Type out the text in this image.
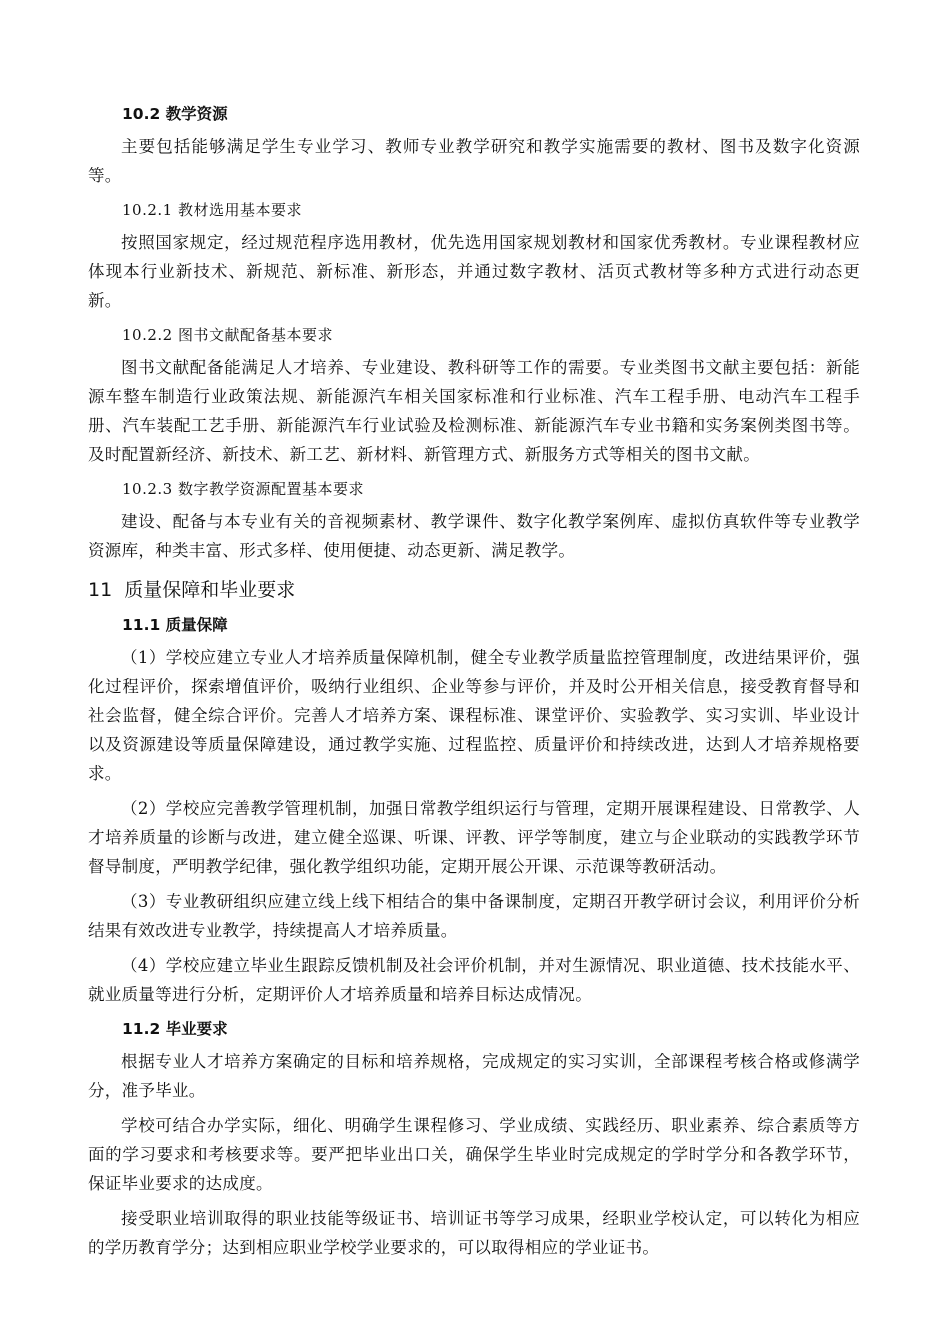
10.2 教学资源

主要包括能够满足学生专业学习、教师专业教学研究和教学实施需要的教材、图书及数字化资源等。

10.2.1 教材选用基本要求

按照国家规定，经过规范程序选用教材，优先选用国家规划教材和国家优秀教材。专业课程教材应体现本行业新技术、新规范、新标准、新形态，并通过数字教材、活页式教材等多种方式进行动态更新。

10.2.2 图书文献配备基本要求

图书文献配备能满足人才培养、专业建设、教科研等工作的需要。专业类图书文献主要包括：新能源车整车制造行业政策法规、新能源汽车相关国家标准和行业标准、汽车工程手册、电动汽车工程手册、汽车装配工艺手册、新能源汽车行业试验及检测标准、新能源汽车专业书籍和实务案例类图书等。及时配置新经济、新技术、新工艺、新材料、新管理方式、新服务方式等相关的图书文献。

10.2.3 数字教学资源配置基本要求

建设、配备与本专业有关的音视频素材、教学课件、数字化教学案例库、虚拟仿真软件等专业教学资源库，种类丰富、形式多样、使用便捷、动态更新、满足教学。

11 质量保障和毕业要求
11.1 质量保障

（1）学校应建立专业人才培养质量保障机制，健全专业教学质量监控管理制度，改进结果评价，强化过程评价，探索增值评价，吸纳行业组织、企业等参与评价，并及时公开相关信息，接受教育督导和社会监督，健全综合评价。完善人才培养方案、课程标准、课堂评价、实验教学、实习实训、毕业设计以及资源建设等质量保障建设，通过教学实施、过程监控、质量评价和持续改进，达到人才培养规格要求。

（2）学校应完善教学管理机制，加强日常教学组织运行与管理，定期开展课程建设、日常教学、人才培养质量的诊断与改进，建立健全巡课、听课、评教、评学等制度，建立与企业联动的实践教学环节督导制度，严明教学纪律，强化教学组织功能，定期开展公开课、示范课等教研活动。

（3）专业教研组织应建立线上线下相结合的集中备课制度，定期召开教学研讨会议，利用评价分析结果有效改进专业教学，持续提高人才培养质量。

（4）学校应建立毕业生跟踪反馈机制及社会评价机制，并对生源情况、职业道德、技术技能水平、就业质量等进行分析，定期评价人才培养质量和培养目标达成情况。

11.2 毕业要求

根据专业人才培养方案确定的目标和培养规格，完成规定的实习实训，全部课程考核合格或修满学分，准予毕业。

学校可结合办学实际，细化、明确学生课程修习、学业成绩、实践经历、职业素养、综合素质等方面的学习要求和考核要求等。要严把毕业出口关，确保学生毕业时完成规定的学时学分和各教学环节，保证毕业要求的达成度。

接受职业培训取得的职业技能等级证书、培训证书等学习成果，经职业学校认定，可以转化为相应的学历教育学分；达到相应职业学校学业要求的，可以取得相应的学业证书。
